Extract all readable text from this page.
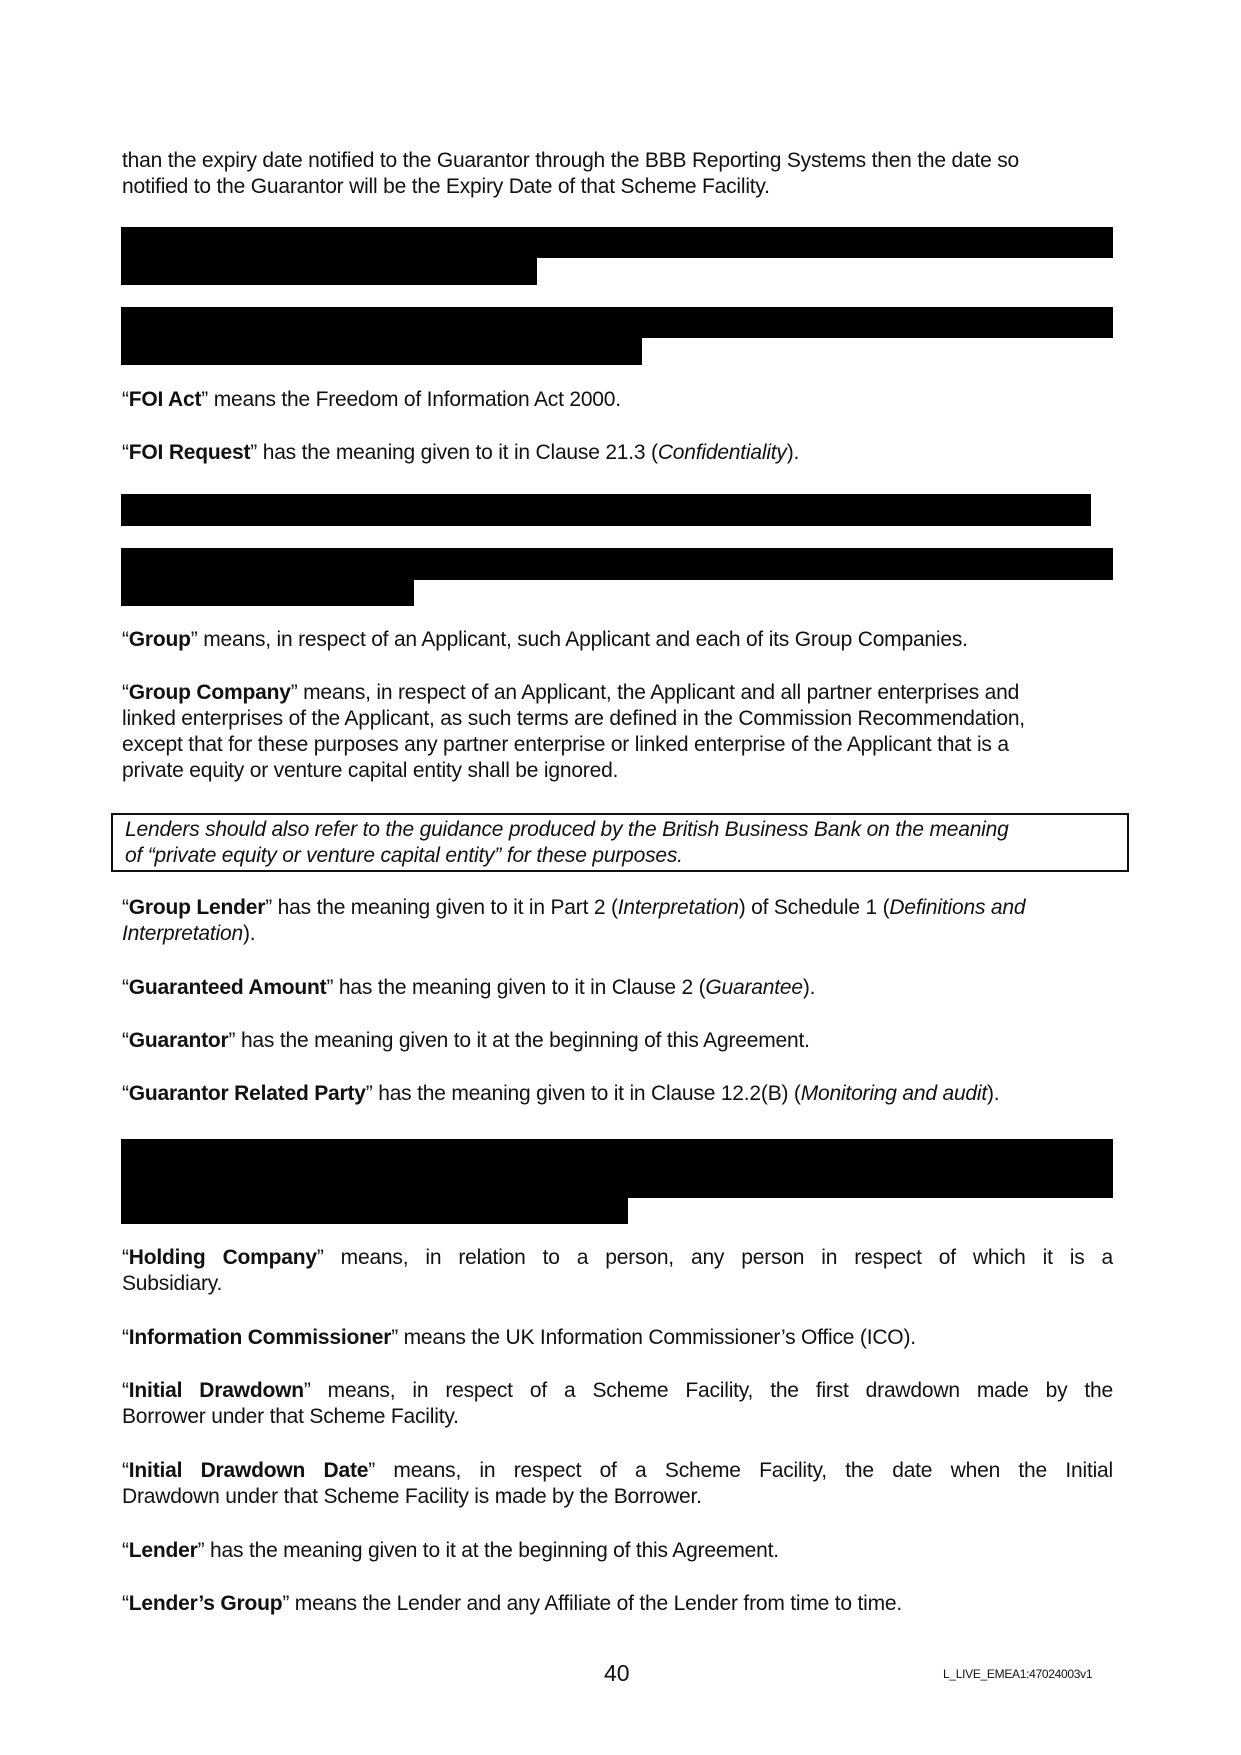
than the expiry date notified to the Guarantor through the BBB Reporting Systems then the date so
notified to the Guarantor will be the Expiry Date of that Scheme Facility.
“FOI Act” means the Freedom of Information Act 2000.
“FOI Request” has the meaning given to it in Clause 21.3 (Confidentiality).
“Group” means, in respect of an Applicant, such Applicant and each of its Group Companies.
“Group Company” means, in respect of an Applicant, the Applicant and all partner enterprises and
linked enterprises of the Applicant, as such terms are defined in the Commission Recommendation,
except that for these purposes any partner enterprise or linked enterprise of the Applicant that is a
private equity or venture capital entity shall be ignored.
Lenders should also refer to the guidance produced by the British Business Bank on the meaning
of “private equity or venture capital entity” for these purposes.
“Group Lender” has the meaning given to it in Part 2 (Interpretation) of Schedule 1 (Definitions and
Interpretation).
“Guaranteed Amount” has the meaning given to it in Clause 2 (Guarantee).
“Guarantor” has the meaning given to it at the beginning of this Agreement.
“Guarantor Related Party” has the meaning given to it in Clause 12.2(B) (Monitoring and audit).
“Holding Company” means, in relation to a person, any person in respect of which it is a
Subsidiary.
“Information Commissioner” means the UK Information Commissioner’s Office (ICO).
“Initial Drawdown” means, in respect of a Scheme Facility, the first drawdown made by the
Borrower under that Scheme Facility.
“Initial Drawdown Date” means, in respect of a Scheme Facility, the date when the Initial
Drawdown under that Scheme Facility is made by the Borrower.
“Lender” has the meaning given to it at the beginning of this Agreement.
“Lender’s Group” means the Lender and any Affiliate of the Lender from time to time.
40	L_LIVE_EMEA1:47024003v1
